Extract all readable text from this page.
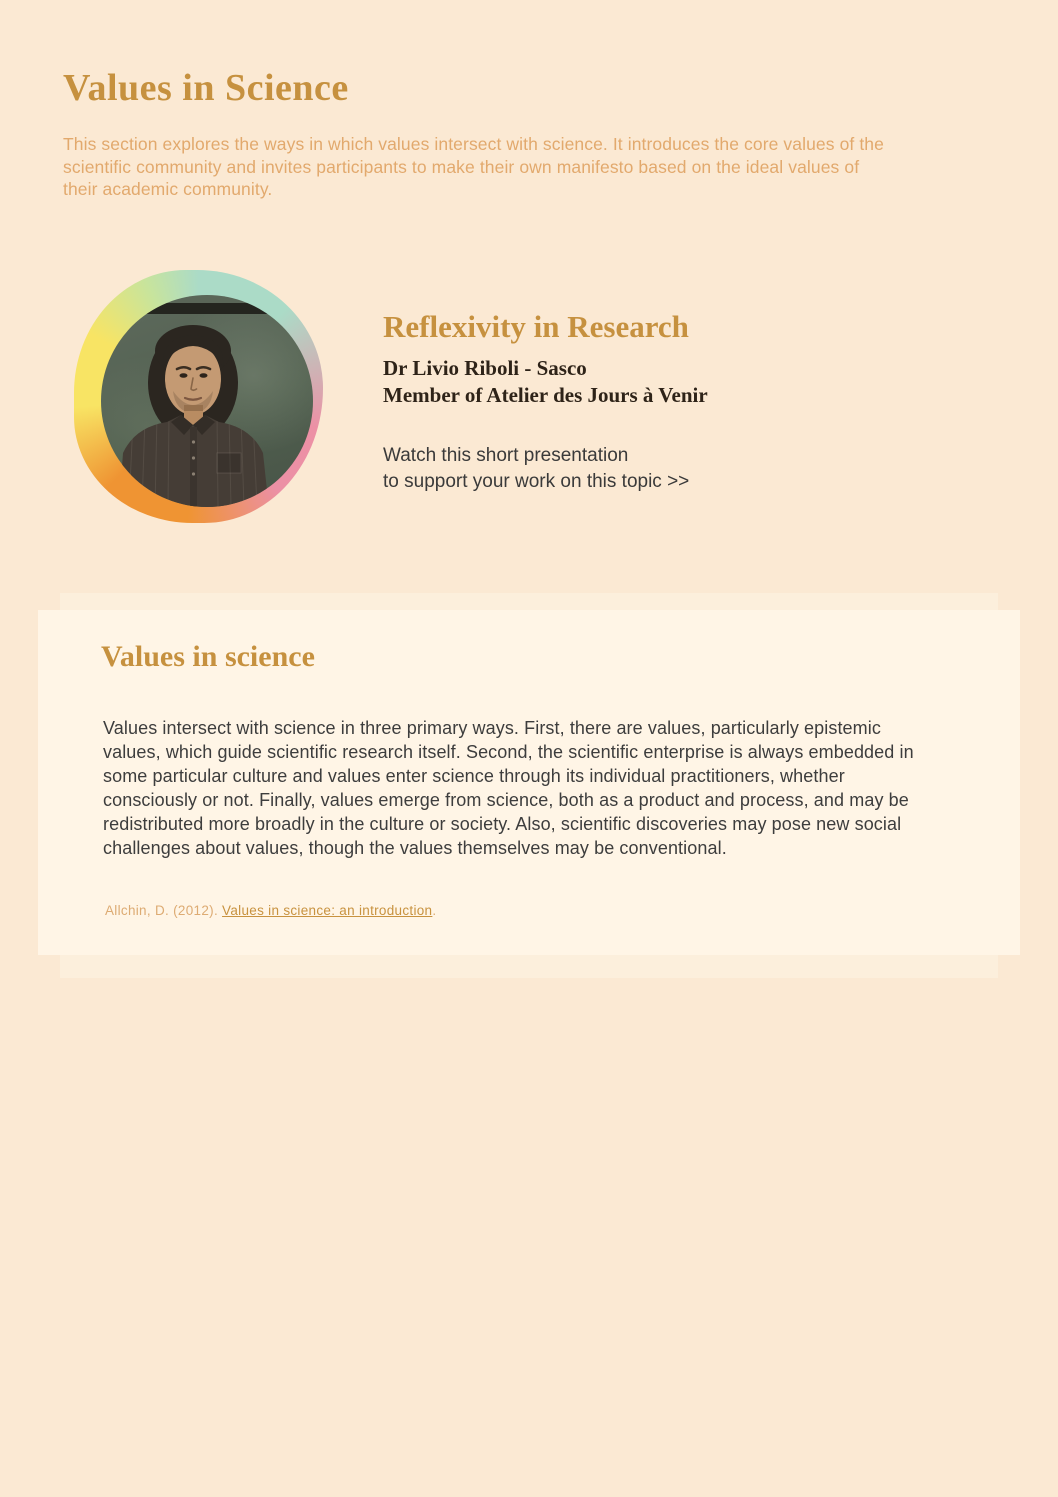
Values in Science

This section explores the ways in which values intersect with science. It introduces the core values of the scientific community and invites participants to make their own manifesto based on the ideal values of their academic community.

Reflexivity in Research
Dr Livio Riboli - Sasco
Member of Atelier des Jours à Venir
Watch this short presentation
to support your work on this topic >>
Values in science

Values intersect with science in three primary ways. First, there are values, particularly epistemic values, which guide scientific research itself. Second, the scientific enterprise is always embedded in some particular culture and values enter science through its individual practitioners, whether consciously or not. Finally, values emerge from science, both as a product and process, and may be redistributed more broadly in the culture or society. Also, scientific discoveries may pose new social challenges about values, though the values themselves may be conventional.

Allchin, D. (2012). Values in science: an introduction.
